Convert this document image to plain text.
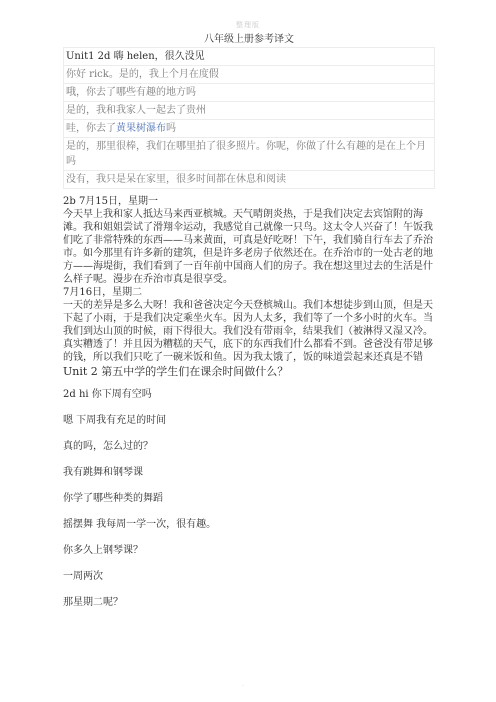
整理版
八年级上册参考译文
Unit1 2d 嗨 helen，很久没见
你好 rick。是的，我上个月在度假
哦，你去了哪些有趣的地方吗
是的，我和我家人一起去了贵州
哇，你去了黄果树瀑布吗
是的，那里很棒，我们在哪里拍了很多照片。你呢，你做了什么有趣的是在上个月吗
没有，我只是呆在家里，很多时间都在休息和阅读
2b 7月15日，星期一

今天早上我和家人抵达马来西亚槟城。天气晴朗炎热，于是我们决定去宾馆附的海滩。我和姐姐尝试了滑翔伞运动，我感觉自己就像一只鸟。这太令人兴奋了！午饭我们吃了非常特殊的东西——马来黄面，可真是好吃呀！下午，我们骑自行车去了乔治市。如今那里有许多新的建筑，但是许多老房子依然还在。在乔治市的一处古老的地方——海堤街，我们看到了一百年前中国商人们的房子。我在想这里过去的生活是什么样子呢。漫步在乔治市真是很享受。

7月16日，星期二

一天的差异是多么大呀！我和爸爸决定今天登槟城山。我们本想徒步到山顶，但是天下起了小雨，于是我们决定乘坐火车。因为人太多，我们等了一个多小时的火车。当我们到达山顶的时候，雨下得很大。我们没有带雨伞，结果我们（被淋得又湿又冷。真实糟透了！并且因为糟糕的天气，底下的东西我们什么都看不到。爸爸没有带足够的钱，所以我们只吃了一碗米饭和鱼。因为我太饿了，饭的味道尝起来还真是不错

Unit 2 第五中学的学生们在课余时间做什么？

2d hi 你下周有空吗

嗯 下周我有充足的时间

真的吗，怎么过的？

我有跳舞和钢琴课

你学了哪些种类的舞蹈

摇摆舞 我每周一学一次，很有趣。

你多久上钢琴课？

一周两次

那星期二呢？

.
